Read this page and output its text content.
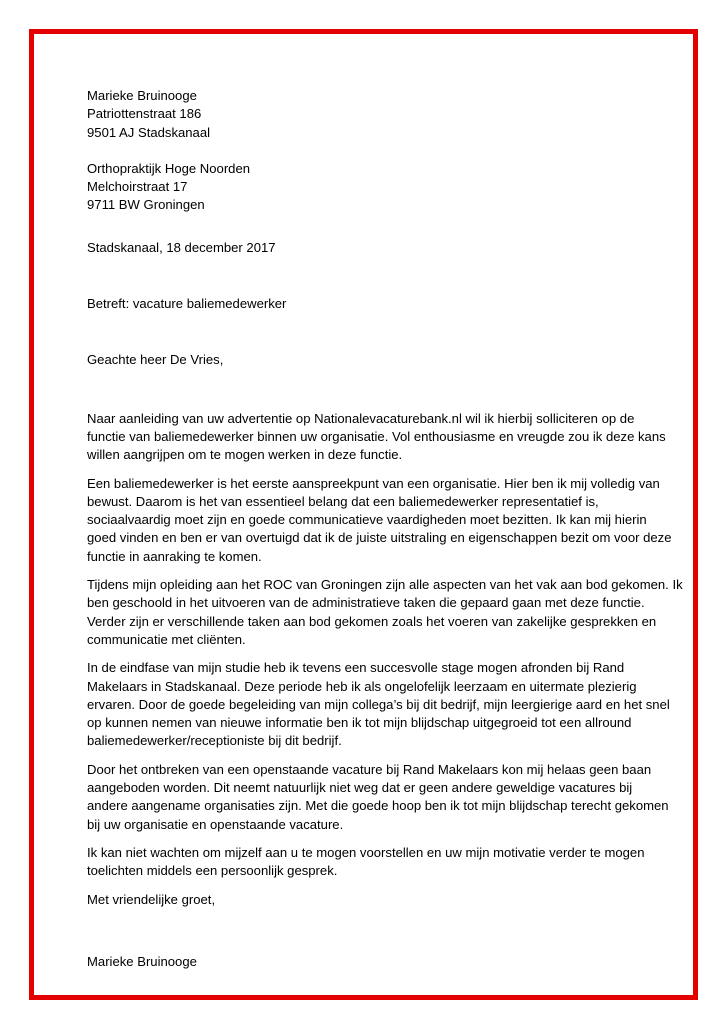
Marieke Bruinooge
Patriottenstraat 186
9501 AJ Stadskanaal
Orthopraktijk Hoge Noorden
Melchoirstraat 17
9711 BW Groningen
Stadskanaal, 18 december 2017
Betreft: vacature baliemedewerker
Geachte heer De Vries,
Naar aanleiding van uw advertentie op Nationalevacaturebank.nl wil ik hierbij solliciteren op de
functie van baliemedewerker binnen uw organisatie. Vol enthousiasme en vreugde zou ik deze kans
willen aangrijpen om te mogen werken in deze functie.
Een baliemedewerker is het eerste aanspreekpunt van een organisatie. Hier ben ik mij volledig van
bewust. Daarom is het van essentieel belang dat een baliemedewerker representatief is,
sociaalvaardig moet zijn en goede communicatieve vaardigheden moet bezitten. Ik kan mij hierin
goed vinden en ben er van overtuigd dat ik de juiste uitstraling en eigenschappen bezit om voor deze
functie in aanraking te komen.
Tijdens mijn opleiding aan het ROC van Groningen zijn alle aspecten van het vak aan bod gekomen. Ik
ben geschoold in het uitvoeren van de administratieve taken die gepaard gaan met deze functie.
Verder zijn er verschillende taken aan bod gekomen zoals het voeren van zakelijke gesprekken en
communicatie met cliënten.
In de eindfase van mijn studie heb ik tevens een succesvolle stage mogen afronden bij Rand
Makelaars in Stadskanaal. Deze periode heb ik als ongelofelijk leerzaam en uitermate plezierig
ervaren. Door de goede begeleiding van mijn collega’s bij dit bedrijf, mijn leergierige aard en het snel
op kunnen nemen van nieuwe informatie ben ik tot mijn blijdschap uitgegroeid tot een allround
baliemedewerker/receptioniste bij dit bedrijf.
Door het ontbreken van een openstaande vacature bij Rand Makelaars kon mij helaas geen baan
aangeboden worden. Dit neemt natuurlijk niet weg dat er geen andere geweldige vacatures bij
andere aangename organisaties zijn. Met die goede hoop ben ik tot mijn blijdschap terecht gekomen
bij uw organisatie en openstaande vacature.
Ik kan niet wachten om mijzelf aan u te mogen voorstellen en uw mijn motivatie verder te mogen
toelichten middels een persoonlijk gesprek.
Met vriendelijke groet,
Marieke Bruinooge
